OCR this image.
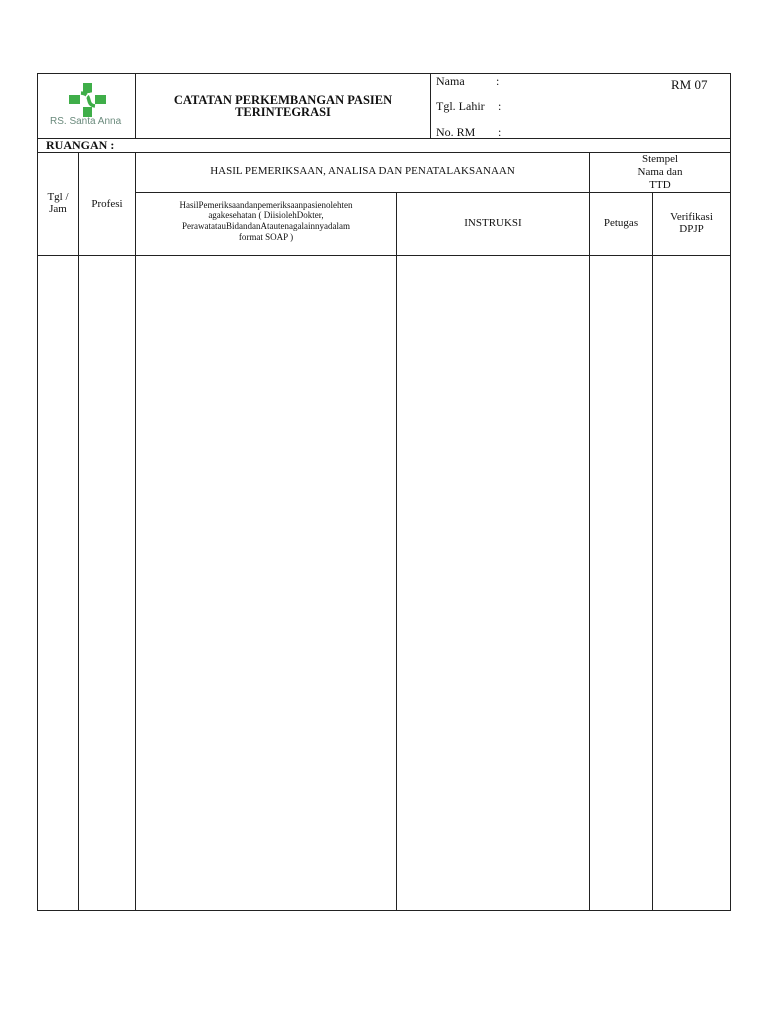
RS. Santa Anna
CATATAN PERKEMBANGAN PASIEN
TERINTEGRASI
Nama	:
Tgl. Lahir :
No. RM :
RM 07
RUANGAN :
Tgl / Jam	Profesi
HASIL PEMERIKSAAN, ANALISA DAN PENATALAKSANAAN
HasilPemeriksaandanpemeriksaanpasienolehten
agakesehatan ( DiisiolehDokter,
PerawatatauBidandanAtautenagalainnyadalam
format SOAP )
INSTRUKSI
Stempel
Nama dan
TTD
Petugas	Verifikasi
DPJP
